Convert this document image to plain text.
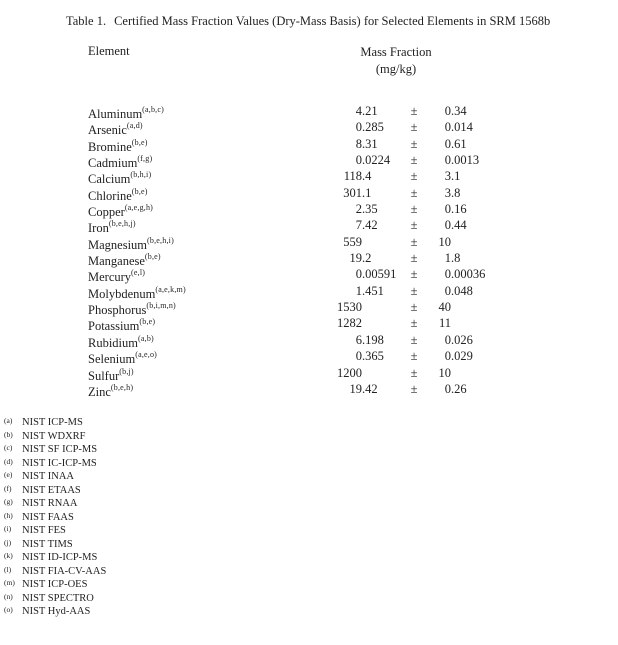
Table 1. Certified Mass Fraction Values (Dry-Mass Basis) for Selected Elements in SRM 1568b
Element	Mass Fraction
(mg/kg)
Aluminum$^{(a,b,c)}$	4 .21	±	0 .34
Arsenic$^{(a,d)}$	0 .285	±	0 .014
Bromine$^{(b,e)}$	8 .31	±	0 .61
Cadmium$^{(f,g)}$	0 .0224	±	0 .0013
Calcium$^{(b,h,i)}$	118 .4	±	3 .1
Chlorine$^{(b,e)}$	301 .1	±	3 .8
Copper$^{(a,e,g,h)}$	2 .35	±	0 .16
Iron$^{(b,e,h,j)}$	7 .42	±	0 .44
Magnesium$^{(b,e,h,i)}$	559	±	10
Manganese$^{(b,e)}$	19 .2	±	1 .8
Mercury$^{(e,l)}$	0 .00591	±	0 .00036
Molybdenum$^{(a,e,k,m)}$	1 .451	±	0 .048
Phosphorus$^{(b,i,m,n)}$	1530	±	40
Potassium$^{(b,e)}$	1282	±	11
Rubidium$^{(a,b)}$	6 .198	±	0 .026
Selenium$^{(a,e,o)}$	0 .365	±	0 .029
Sulfur$^{(b,j)}$	1200	±	10
Zinc$^{(b,e,h)}$	19 .42	±	0 .26
(a) NIST ICP-MS
(b) NIST WDXRF
(c) NIST SF ICP-MS
(d) NIST IC-ICP-MS
(e) NIST INAA
(f)	NIST ETAAS
(g) NIST RNAA
(h) NIST FAAS
(i)	NIST FES
(j)	NIST TIMS
(k) NIST ID-ICP-MS
(l)	NIST FIA-CV-AAS
(m) NIST ICP-OES
(n) NIST SPECTRO
(o) NIST Hyd-AAS
